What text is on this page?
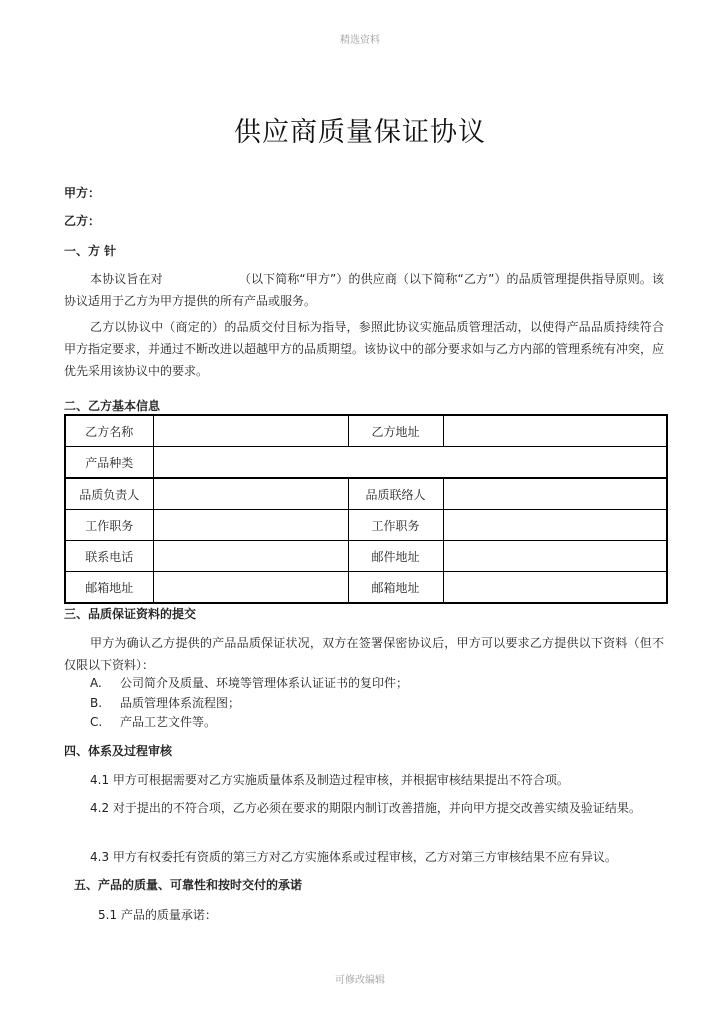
精选资料
供应商质量保证协议
甲方：
乙方：
一、方 针
本协议旨在对	（以下简称“甲方”）的供应商（以下简称“乙方”）的品质管理提供指导原则。该协议适用于乙方为甲方提供的所有产品或服务。
乙方以协议中（商定的）的品质交付目标为指导，参照此协议实施品质管理活动，以使得产品品质持续符合甲方指定要求，并通过不断改进以超越甲方的品质期望。该协议中的部分要求如与乙方内部的管理系统有冲突，应优先采用该协议中的要求。
二、乙方基本信息
乙方名称		乙方地址	
产品种类			
品质负责人		品质联络人	
工作职务		工作职务	
联系电话		邮件地址	
邮箱地址		邮箱地址	
三、品质保证资料的提交
甲方为确认乙方提供的产品品质保证状况，双方在签署保密协议后，甲方可以要求乙方提供以下资料（但不仅限以下资料）：
A. 公司简介及质量、环境等管理体系认证证书的复印件；
B. 品质管理体系流程图；
C. 产品工艺文件等。
四、体系及过程审核
4.1 甲方可根据需要对乙方实施质量体系及制造过程审核，并根据审核结果提出不符合项。
4.2 对于提出的不符合项，乙方必须在要求的期限内制订改善措施，并向甲方提交改善实绩及验证结果。
4.3 甲方有权委托有资质的第三方对乙方实施体系或过程审核，乙方对第三方审核结果不应有异议。
五、产品的质量、可靠性和按时交付的承诺
5.1 产品的质量承诺：
可修改编辑
